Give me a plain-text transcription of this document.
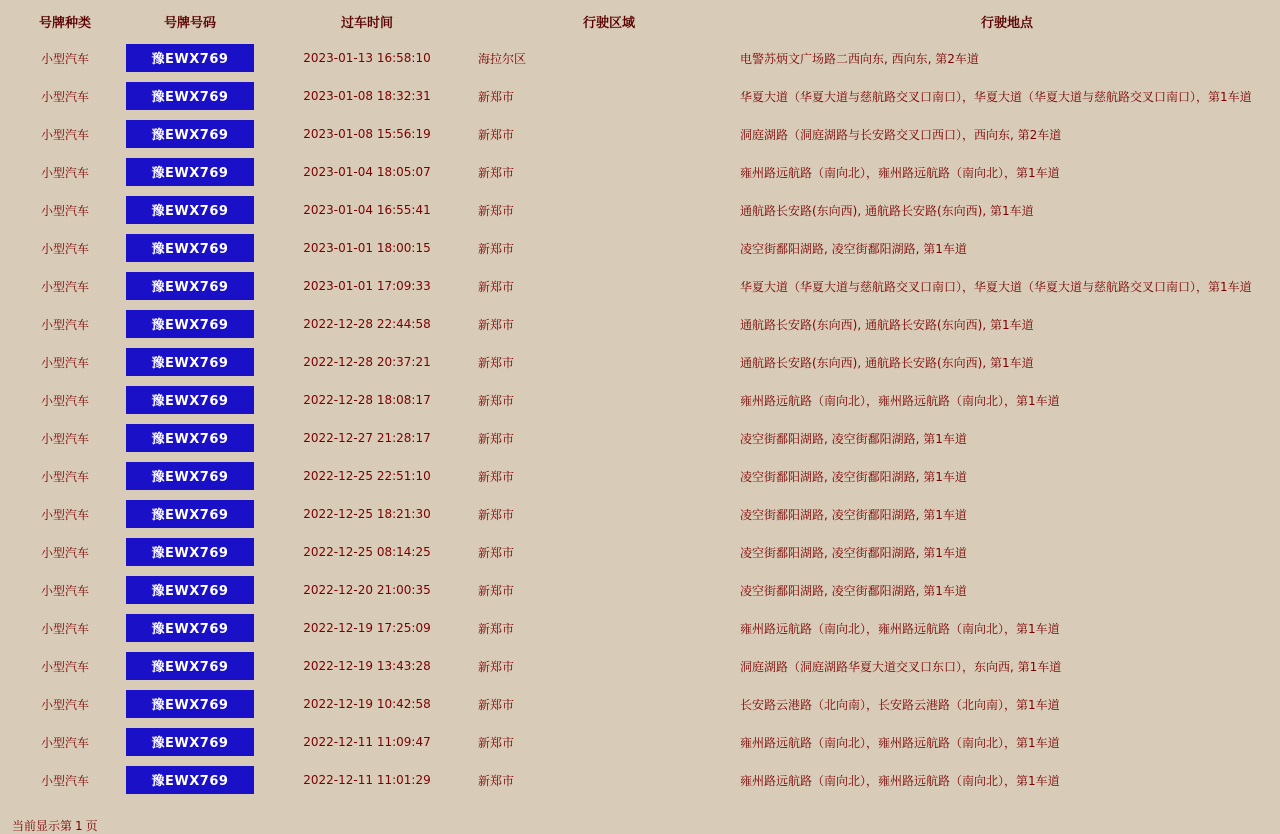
号牌种类	号牌号码	过车时间	行驶区域	行驶地点
小型汽车	豫EWX769	2023-01-13 16:58:10	海拉尔区	电警苏炳文广场路二西向东, 西向东, 第2车道
小型汽车	豫EWX769	2023-01-08 18:32:31	新郑市	华夏大道（华夏大道与慈航路交叉口南口），华夏大道（华夏大道与慈航路交叉口南口），第1车道
小型汽车	豫EWX769	2023-01-08 15:56:19	新郑市	洞庭湖路（洞庭湖路与长安路交叉口西口），西向东, 第2车道
小型汽车	豫EWX769	2023-01-04 18:05:07	新郑市	雍州路远航路（南向北），雍州路远航路（南向北），第1车道
小型汽车	豫EWX769	2023-01-04 16:55:41	新郑市	通航路长安路(东向西), 通航路长安路(东向西), 第1车道
小型汽车	豫EWX769	2023-01-01 18:00:15	新郑市	凌空街鄱阳湖路, 凌空街鄱阳湖路, 第1车道
小型汽车	豫EWX769	2023-01-01 17:09:33	新郑市	华夏大道（华夏大道与慈航路交叉口南口），华夏大道（华夏大道与慈航路交叉口南口），第1车道
小型汽车	豫EWX769	2022-12-28 22:44:58	新郑市	通航路长安路(东向西), 通航路长安路(东向西), 第1车道
小型汽车	豫EWX769	2022-12-28 20:37:21	新郑市	通航路长安路(东向西), 通航路长安路(东向西), 第1车道
小型汽车	豫EWX769	2022-12-28 18:08:17	新郑市	雍州路远航路（南向北），雍州路远航路（南向北），第1车道
小型汽车	豫EWX769	2022-12-27 21:28:17	新郑市	凌空街鄱阳湖路, 凌空街鄱阳湖路, 第1车道
小型汽车	豫EWX769	2022-12-25 22:51:10	新郑市	凌空街鄱阳湖路, 凌空街鄱阳湖路, 第1车道
小型汽车	豫EWX769	2022-12-25 18:21:30	新郑市	凌空街鄱阳湖路, 凌空街鄱阳湖路, 第1车道
小型汽车	豫EWX769	2022-12-25 08:14:25	新郑市	凌空街鄱阳湖路, 凌空街鄱阳湖路, 第1车道
小型汽车	豫EWX769	2022-12-20 21:00:35	新郑市	凌空街鄱阳湖路, 凌空街鄱阳湖路, 第1车道
小型汽车	豫EWX769	2022-12-19 17:25:09	新郑市	雍州路远航路（南向北），雍州路远航路（南向北），第1车道
小型汽车	豫EWX769	2022-12-19 13:43:28	新郑市	洞庭湖路（洞庭湖路华夏大道交叉口东口），东向西, 第1车道
小型汽车	豫EWX769	2022-12-19 10:42:58	新郑市	长安路云港路（北向南），长安路云港路（北向南），第1车道
小型汽车	豫EWX769	2022-12-11 11:09:47	新郑市	雍州路远航路（南向北），雍州路远航路（南向北），第1车道
小型汽车	豫EWX769	2022-12-11 11:01:29	新郑市	雍州路远航路（南向北），雍州路远航路（南向北），第1车道
当前显示第 1 页
